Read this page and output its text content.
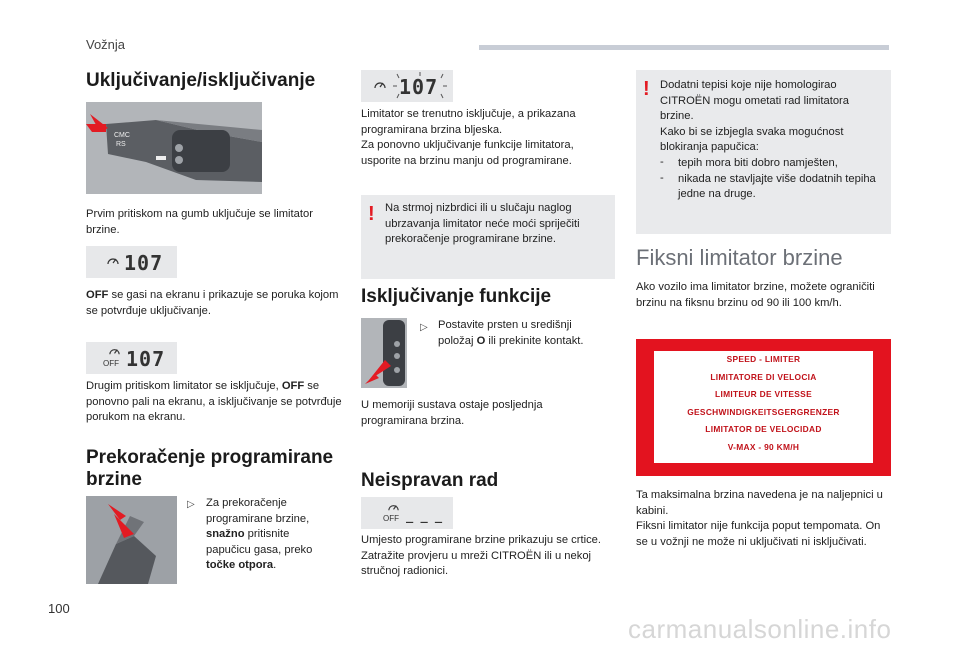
Vožnja
Uključivanje/isključivanje
CMC
RS

Prvim pritiskom na gumb uključuje se limitator brzine.

107

OFF se gasi na ekranu i prikazuje se poruka kojom se potvrđuje uključivanje.

OFF 107

Drugim pritiskom limitator se isključuje, OFF se ponovno pali na ekranu, a isključivanje se potvrđuje porukom na ekranu.

Prekoračenje programirane brzine
▷ Za prekoračenje programirane brzine, snažno pritisnite papučicu gasa, preko točke otpora.

107

Limitator se trenutno isključuje, a prikazana programirana brzina bljeska.
Za ponovno uključivanje funkcije limitatora, usporite na brzinu manju od programirane.

! Na strmoj nizbrdici ili u slučaju naglog ubrzavanja limitator neće moći spriječiti prekoračenje programirane brzine.

Isključivanje funkcije
▷ Postavite prsten u središnji položaj O ili prekinite kontakt.

U memoriji sustava ostaje posljednja programirana brzina.

Neispravan rad
OFF _ _ _

Umjesto programirane brzine prikazuju se crtice.
Zatražite provjeru u mreži CITROËN ili u nekoj stručnoj radionici.

! Dodatni tepisi koje nije homologirao CITROËN mogu ometati rad limitatora brzine.
Kako bi se izbjegla svaka mogućnost blokiranja papučica:

- tepih mora biti dobro namješten,

- nikada ne stavljajte više dodatnih tepiha jedne na druge.

Fiksni limitator brzine

Ako vozilo ima limitator brzine, možete ograničiti brzinu na fiksnu brzinu od 90 ili 100 km/h.

SPEED - LIMITER
LIMITATORE DI VELOCIA
LIMITEUR DE VITESSE
GESCHWINDIGKEITSGERGRENZER
LIMITATOR DE VELOCIDAD
V-MAX - 90 KM/H

Ta maksimalna brzina navedena je na naljepnici u kabini.
Fiksni limitator nije funkcija poput tempomata. On se u vožnji ne može ni uključivati ni isključivati.

100
carmanualsonline.info
